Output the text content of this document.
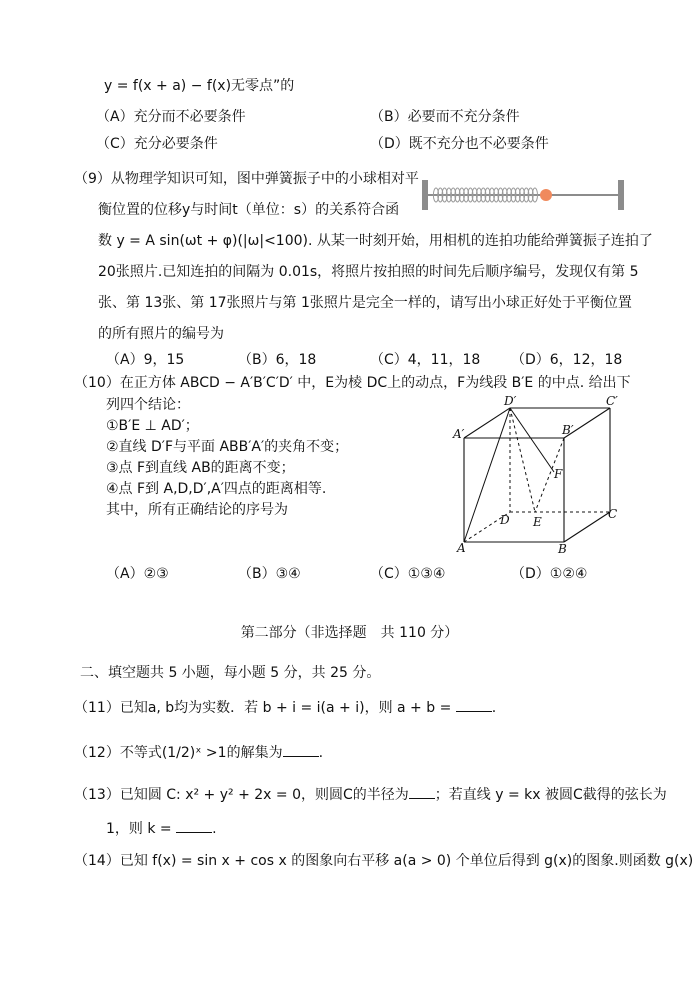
y = f(x + a) − f(x)无零点”的
（A）充分而不必要条件	（B）必要而不充分条件
（C）充分必要条件	（D）既不充分也不必要条件
（9）从物理学知识可知，图中弹簧振子中的小球相对平
衡位置的位移y与时间t（单位：s）的关系符合函
数 y = A sin(ωt + φ)(|ω|<100). 从某一时刻开始，用相机的连拍功能给弹簧振子连拍了
20张照片.已知连拍的间隔为 0.01s，将照片按拍照的时间先后顺序编号，发现仅有第 5
张、第 13张、第 17张照片与第 1张照片是完全一样的，请写出小球正好处于平衡位置
的所有照片的编号为
（A）9，15	（B）6，18	（C）4，11，18 （D）6，12，18
（10）在正方体 ABCD − A′B′C′D′ 中，E为棱 DC上的动点，F为线段 B′E 的中点. 给出下
列四个结论：
①B′E ⊥ AD′；
②直线 D′F与平面 ABB′A′的夹角不变；
③点 F到直线 AB的距离不变；
④点 F到 A,D,D′,A′四点的距离相等.
其中，所有正确结论的序号为
D′	C′
A′	B′
F
D E
C
A	B
（A）②③	（B）③④	（C）①③④	（D）①②④
第二部分（非选择题　共 110 分）
二、填空题共 5 小题，每小题 5 分，共 25 分。
（11）已知a, b均为实数．若 b + i = i(a + i)，则 a + b =	.
（12）不等式(1/2)ˣ >1的解集为	.
（13）已知圆 C: x² + y² + 2x = 0，则圆C的半径为 ；若直线 y = kx 被圆C截得的弦长为
1，则 k =	.
（14）已知 f(x) = sin x + cos x 的图象向右平移 a(a > 0) 个单位后得到 g(x)的图象.则函数 g(x)
